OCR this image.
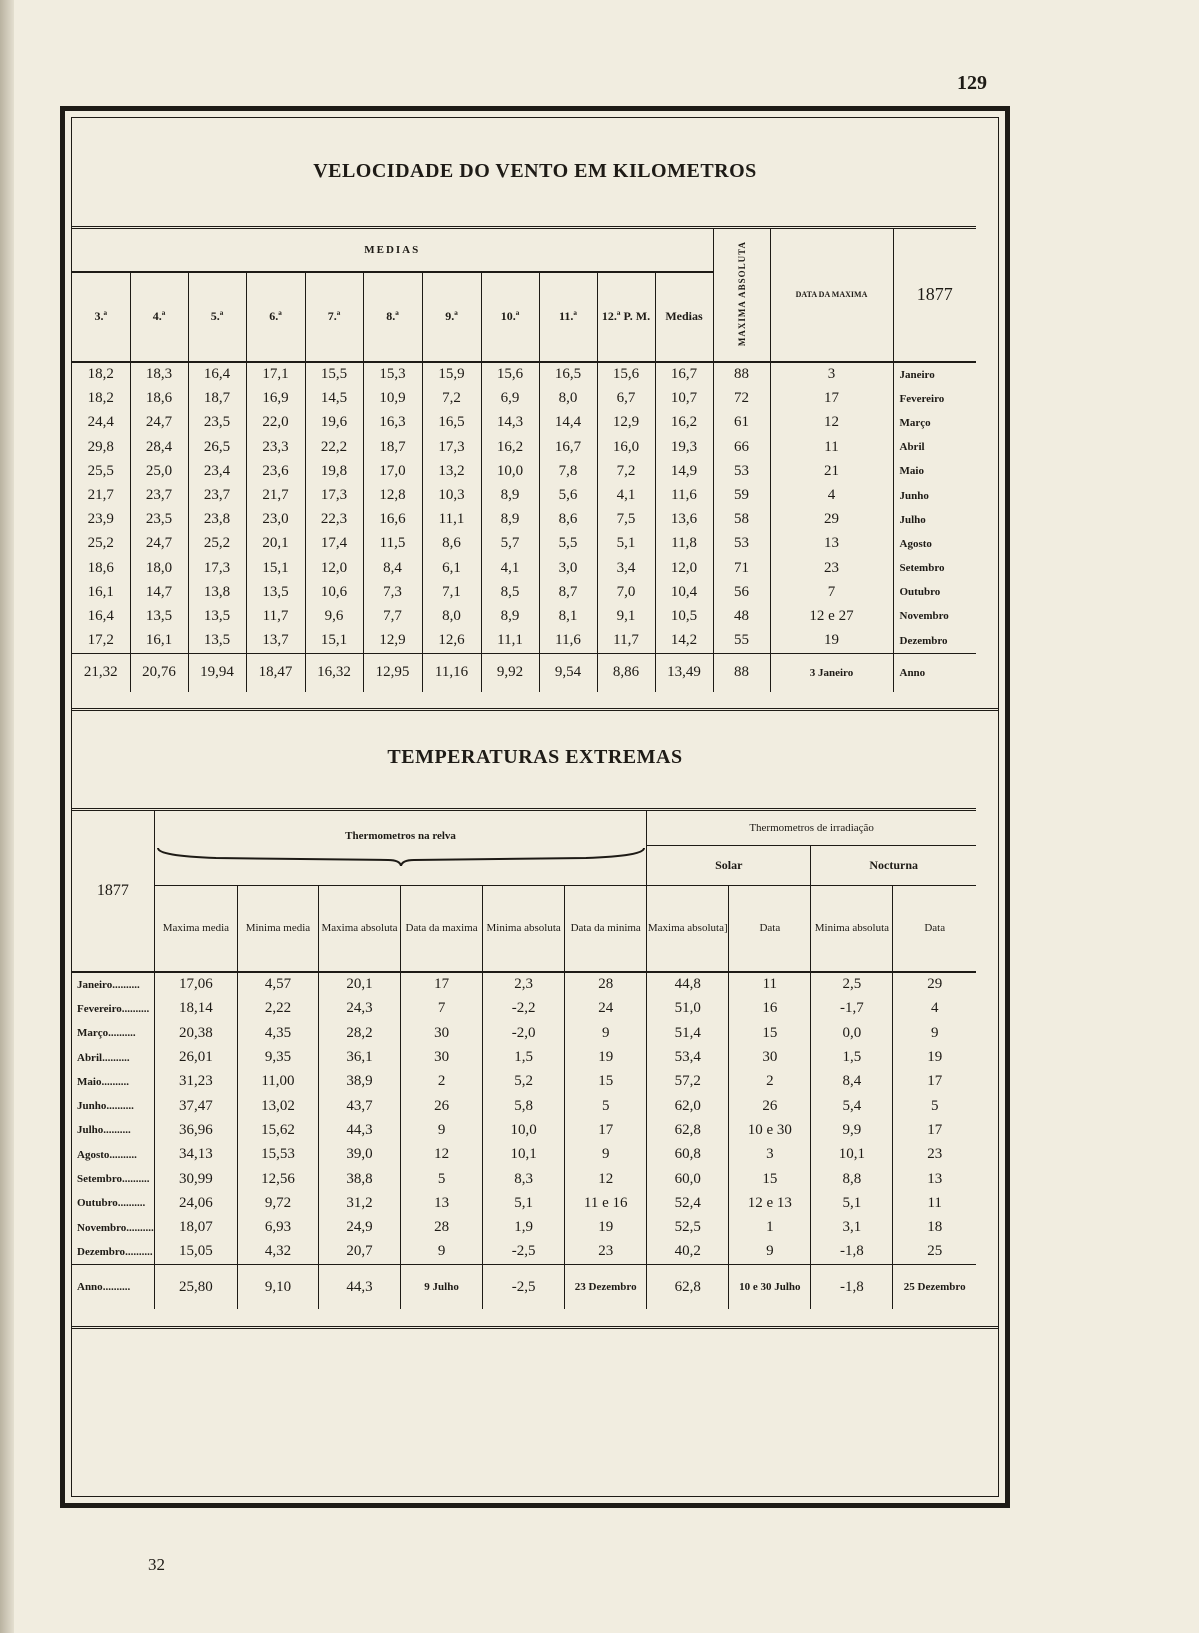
129
VELOCIDADE DO VENTO EM KILOMETROS
MEDIAS											MAXIMA ABSOLUTA	DATA DA MAXIMA	1877
3.ª	4.ª	5.ª	6.ª	7.ª	8.ª	9.ª	10.ª	11.ª	12.ª P. M.	Medias			
18,2	18,3	16,4	17,1	15,5	15,3	15,9	15,6	16,5	15,6	16,7	88	3	Janeiro
18,2	18,6	18,7	16,9	14,5	10,9	7,2	6,9	8,0	6,7	10,7	72	17	Fevereiro
24,4	24,7	23,5	22,0	19,6	16,3	16,5	14,3	14,4	12,9	16,2	61	12	Março
29,8	28,4	26,5	23,3	22,2	18,7	17,3	16,2	16,7	16,0	19,3	66	11	Abril
25,5	25,0	23,4	23,6	19,8	17,0	13,2	10,0	7,8	7,2	14,9	53	21	Maio
21,7	23,7	23,7	21,7	17,3	12,8	10,3	8,9	5,6	4,1	11,6	59	4	Junho
23,9	23,5	23,8	23,0	22,3	16,6	11,1	8,9	8,6	7,5	13,6	58	29	Julho
25,2	24,7	25,2	20,1	17,4	11,5	8,6	5,7	5,5	5,1	11,8	53	13	Agosto
18,6	18,0	17,3	15,1	12,0	8,4	6,1	4,1	3,0	3,4	12,0	71	23	Setembro
16,1	14,7	13,8	13,5	10,6	7,3	7,1	8,5	8,7	7,0	10,4	56	7	Outubro
16,4	13,5	13,5	11,7	9,6	7,7	8,0	8,9	8,1	9,1	10,5	48	12 e 27	Novembro
17,2	16,1	13,5	13,7	15,1	12,9	12,6	11,1	11,6	11,7	14,2	55	19	Dezembro
21,32	20,76	19,94	18,47	16,32	12,95	11,16	9,92	9,54	8,86	13,49	88	3 Janeiro	Anno
TEMPERATURAS EXTREMAS
1877	Thermometros na relva						Thermometros de irradiação			
							Solar		Nocturna	
	Maxima media	Minima media	Maxima absoluta	Data da maxima	Minima absoluta	Data da minima	Maxima absoluta]	Data	Minima absoluta	Data
Janeiro..........	17,06	4,57	20,1	17	2,3	28	44,8	11	2,5	29
Fevereiro..........	18,14	2,22	24,3	7	-2,2	24	51,0	16	-1,7	4
Março..........	20,38	4,35	28,2	30	-2,0	9	51,4	15	0,0	9
Abril..........	26,01	9,35	36,1	30	1,5	19	53,4	30	1,5	19
Maio..........	31,23	11,00	38,9	2	5,2	15	57,2	2	8,4	17
Junho..........	37,47	13,02	43,7	26	5,8	5	62,0	26	5,4	5
Julho..........	36,96	15,62	44,3	9	10,0	17	62,8	10 e 30	9,9	17
Agosto..........	34,13	15,53	39,0	12	10,1	9	60,8	3	10,1	23
Setembro..........	30,99	12,56	38,8	5	8,3	12	60,0	15	8,8	13
Outubro..........	24,06	9,72	31,2	13	5,1	11 e 16	52,4	12 e 13	5,1	11
Novembro..........	18,07	6,93	24,9	28	1,9	19	52,5	1	3,1	18
Dezembro..........	15,05	4,32	20,7	9	-2,5	23	40,2	9	-1,8	25
Anno..........	25,80	9,10	44,3	9 Julho	-2,5	23 Dezembro	62,8	10 e 30 Julho	-1,8	25 Dezembro
32
